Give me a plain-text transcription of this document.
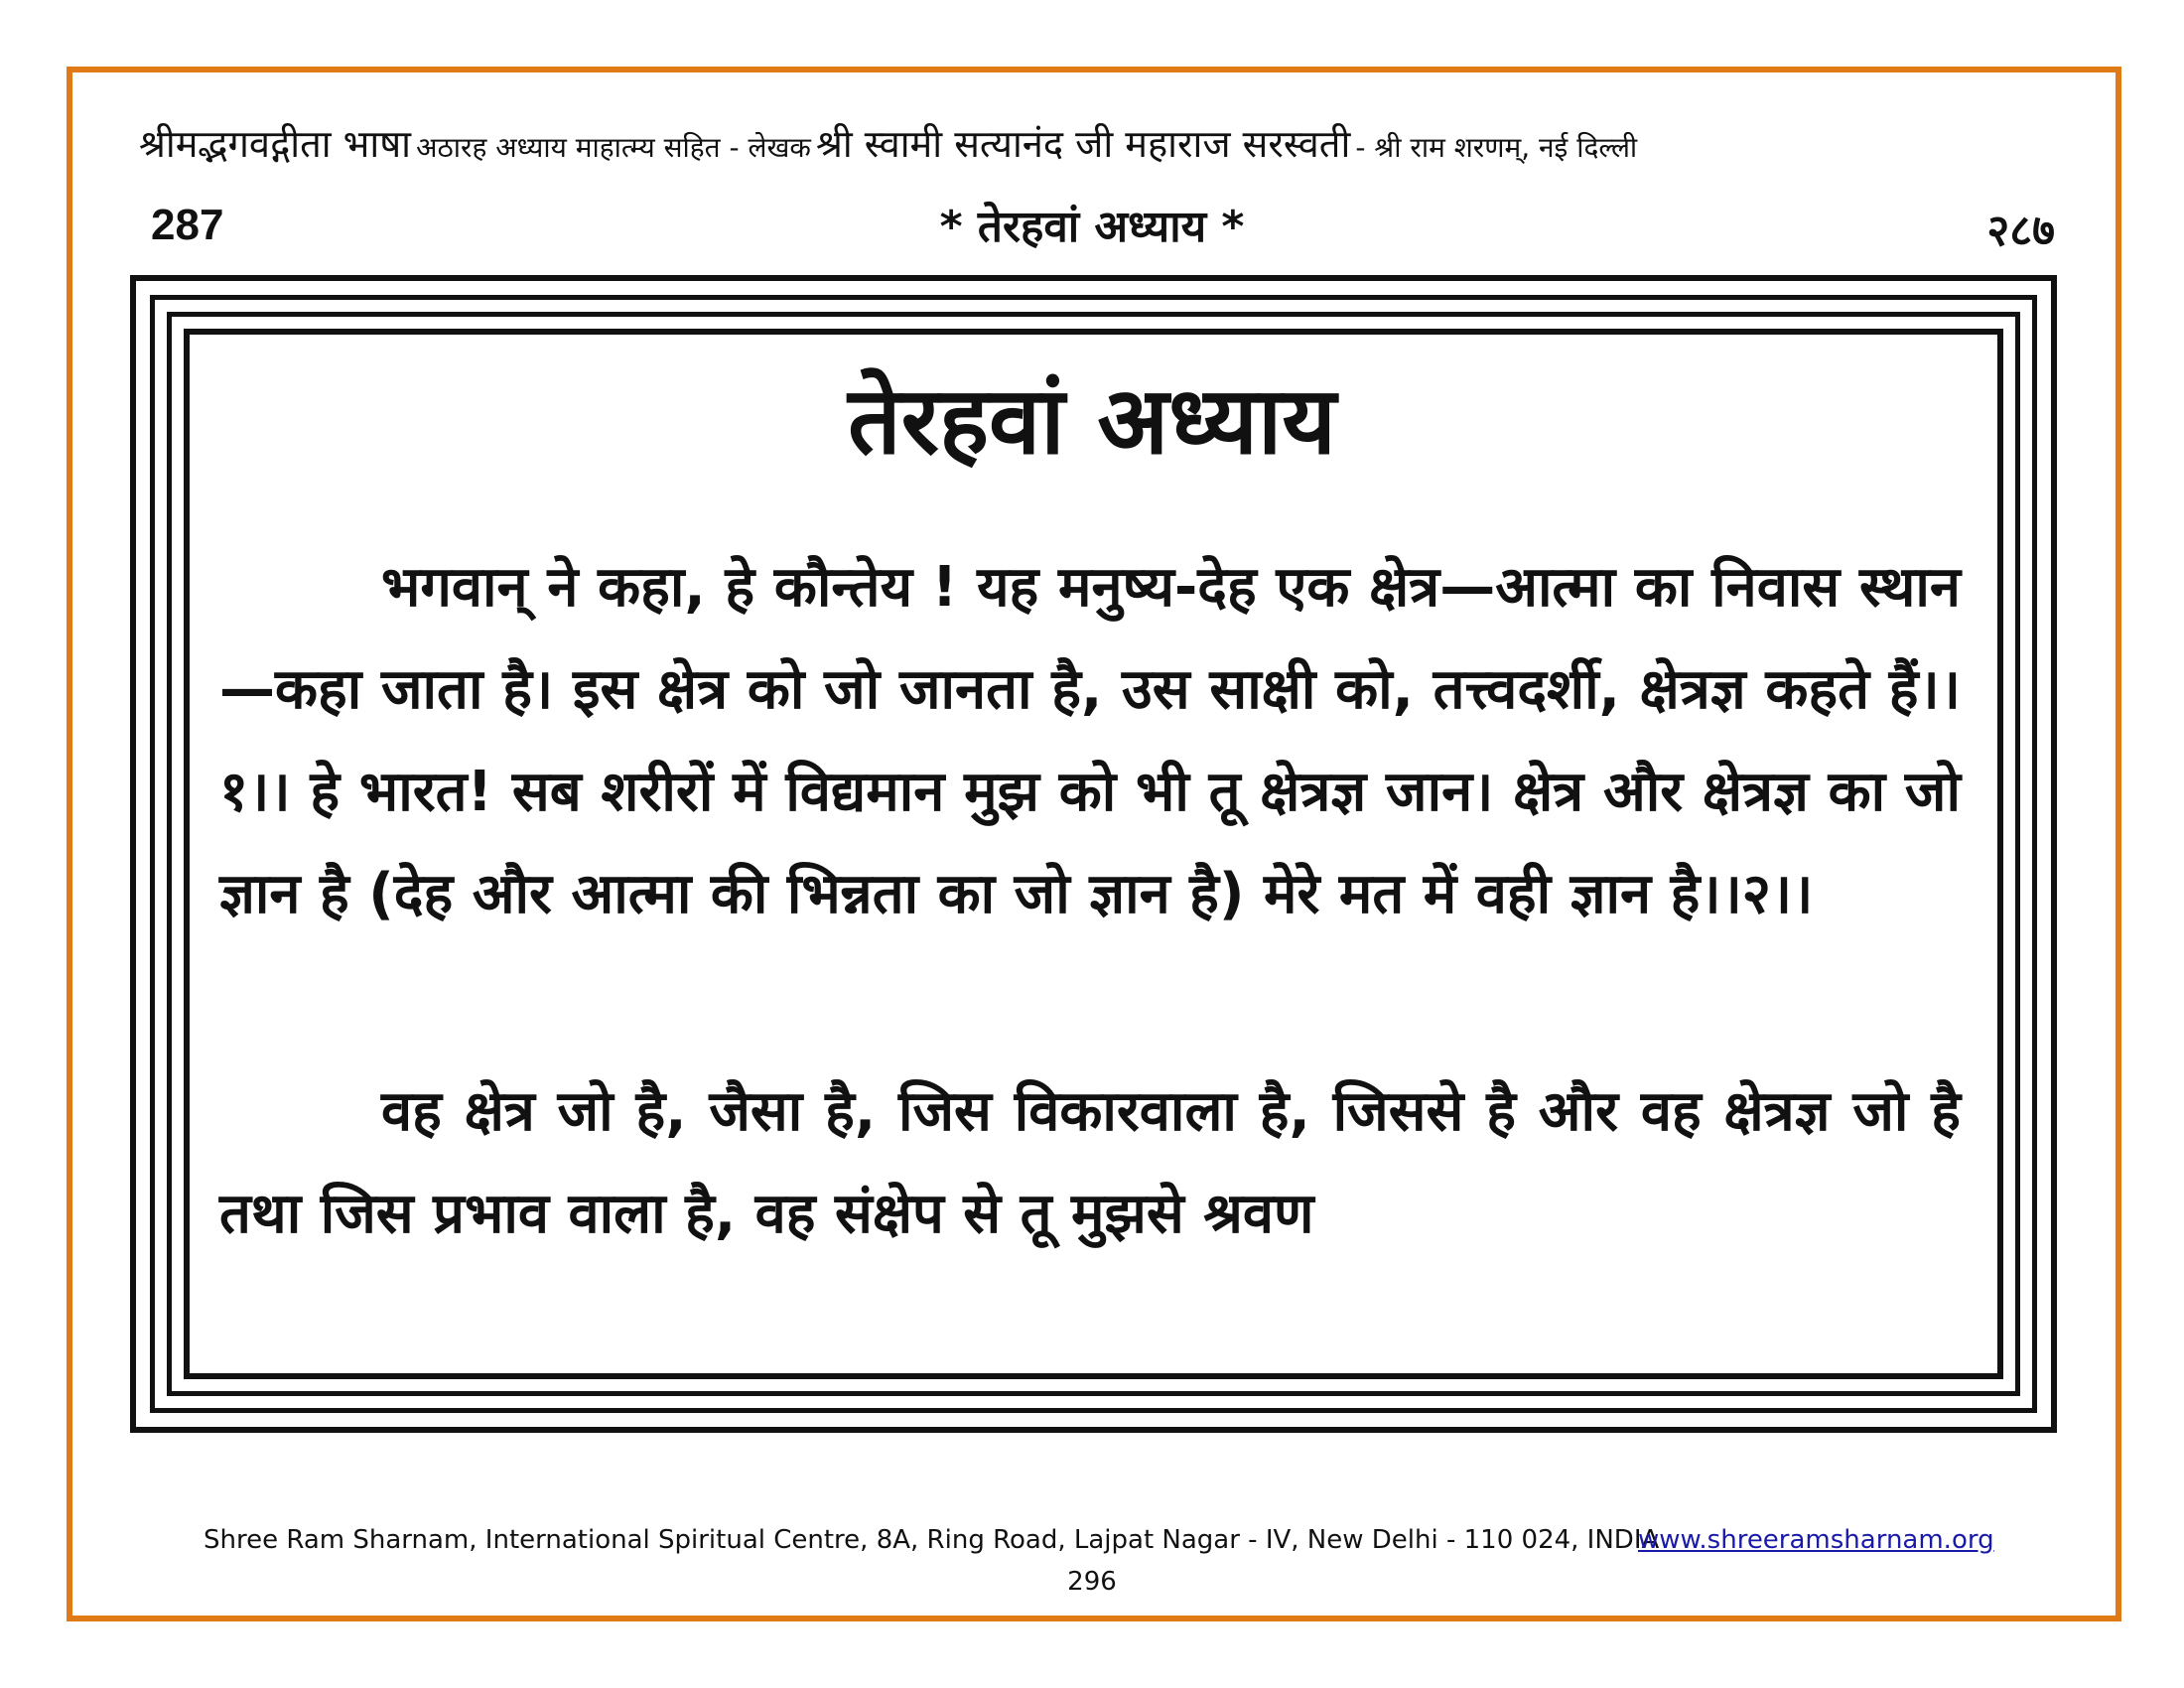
श्रीमद्भगवद्गीता भाषा अठारह अध्याय माहात्म्य सहित - लेखक श्री स्वामी सत्यानंद जी महाराज सरस्वती - श्री राम शरणम्, नई दिल्ली
287	* तेरहवां अध्याय *	२८७
तेरहवां अध्याय

भगवान् ने कहा, हे कौन्तेय ! यह मनुष्य-देह एक क्षेत्र—आत्मा का निवास स्थान—कहा जाता है। इस क्षेत्र को जो जानता है, उस साक्षी को, तत्त्वदर्शी, क्षेत्रज्ञ कहते हैं।।१।। हे भारत! सब शरीरों में विद्यमान मुझ को भी तू क्षेत्रज्ञ जान। क्षेत्र और क्षेत्रज्ञ का जो ज्ञान है (देह और आत्मा की भिन्नता का जो ज्ञान है) मेरे मत में वही ज्ञान है।।२।।

वह क्षेत्र जो है, जैसा है, जिस विकारवाला है, जिससे है और वह क्षेत्रज्ञ जो है तथा जिस प्रभाव वाला है, वह संक्षेप से तू मुझसे श्रवण

Shree Ram Sharnam, International Spiritual Centre, 8A, Ring Road, Lajpat Nagar - IV, New Delhi - 110 024, INDIA
www.shreeramsharnam.org
296
